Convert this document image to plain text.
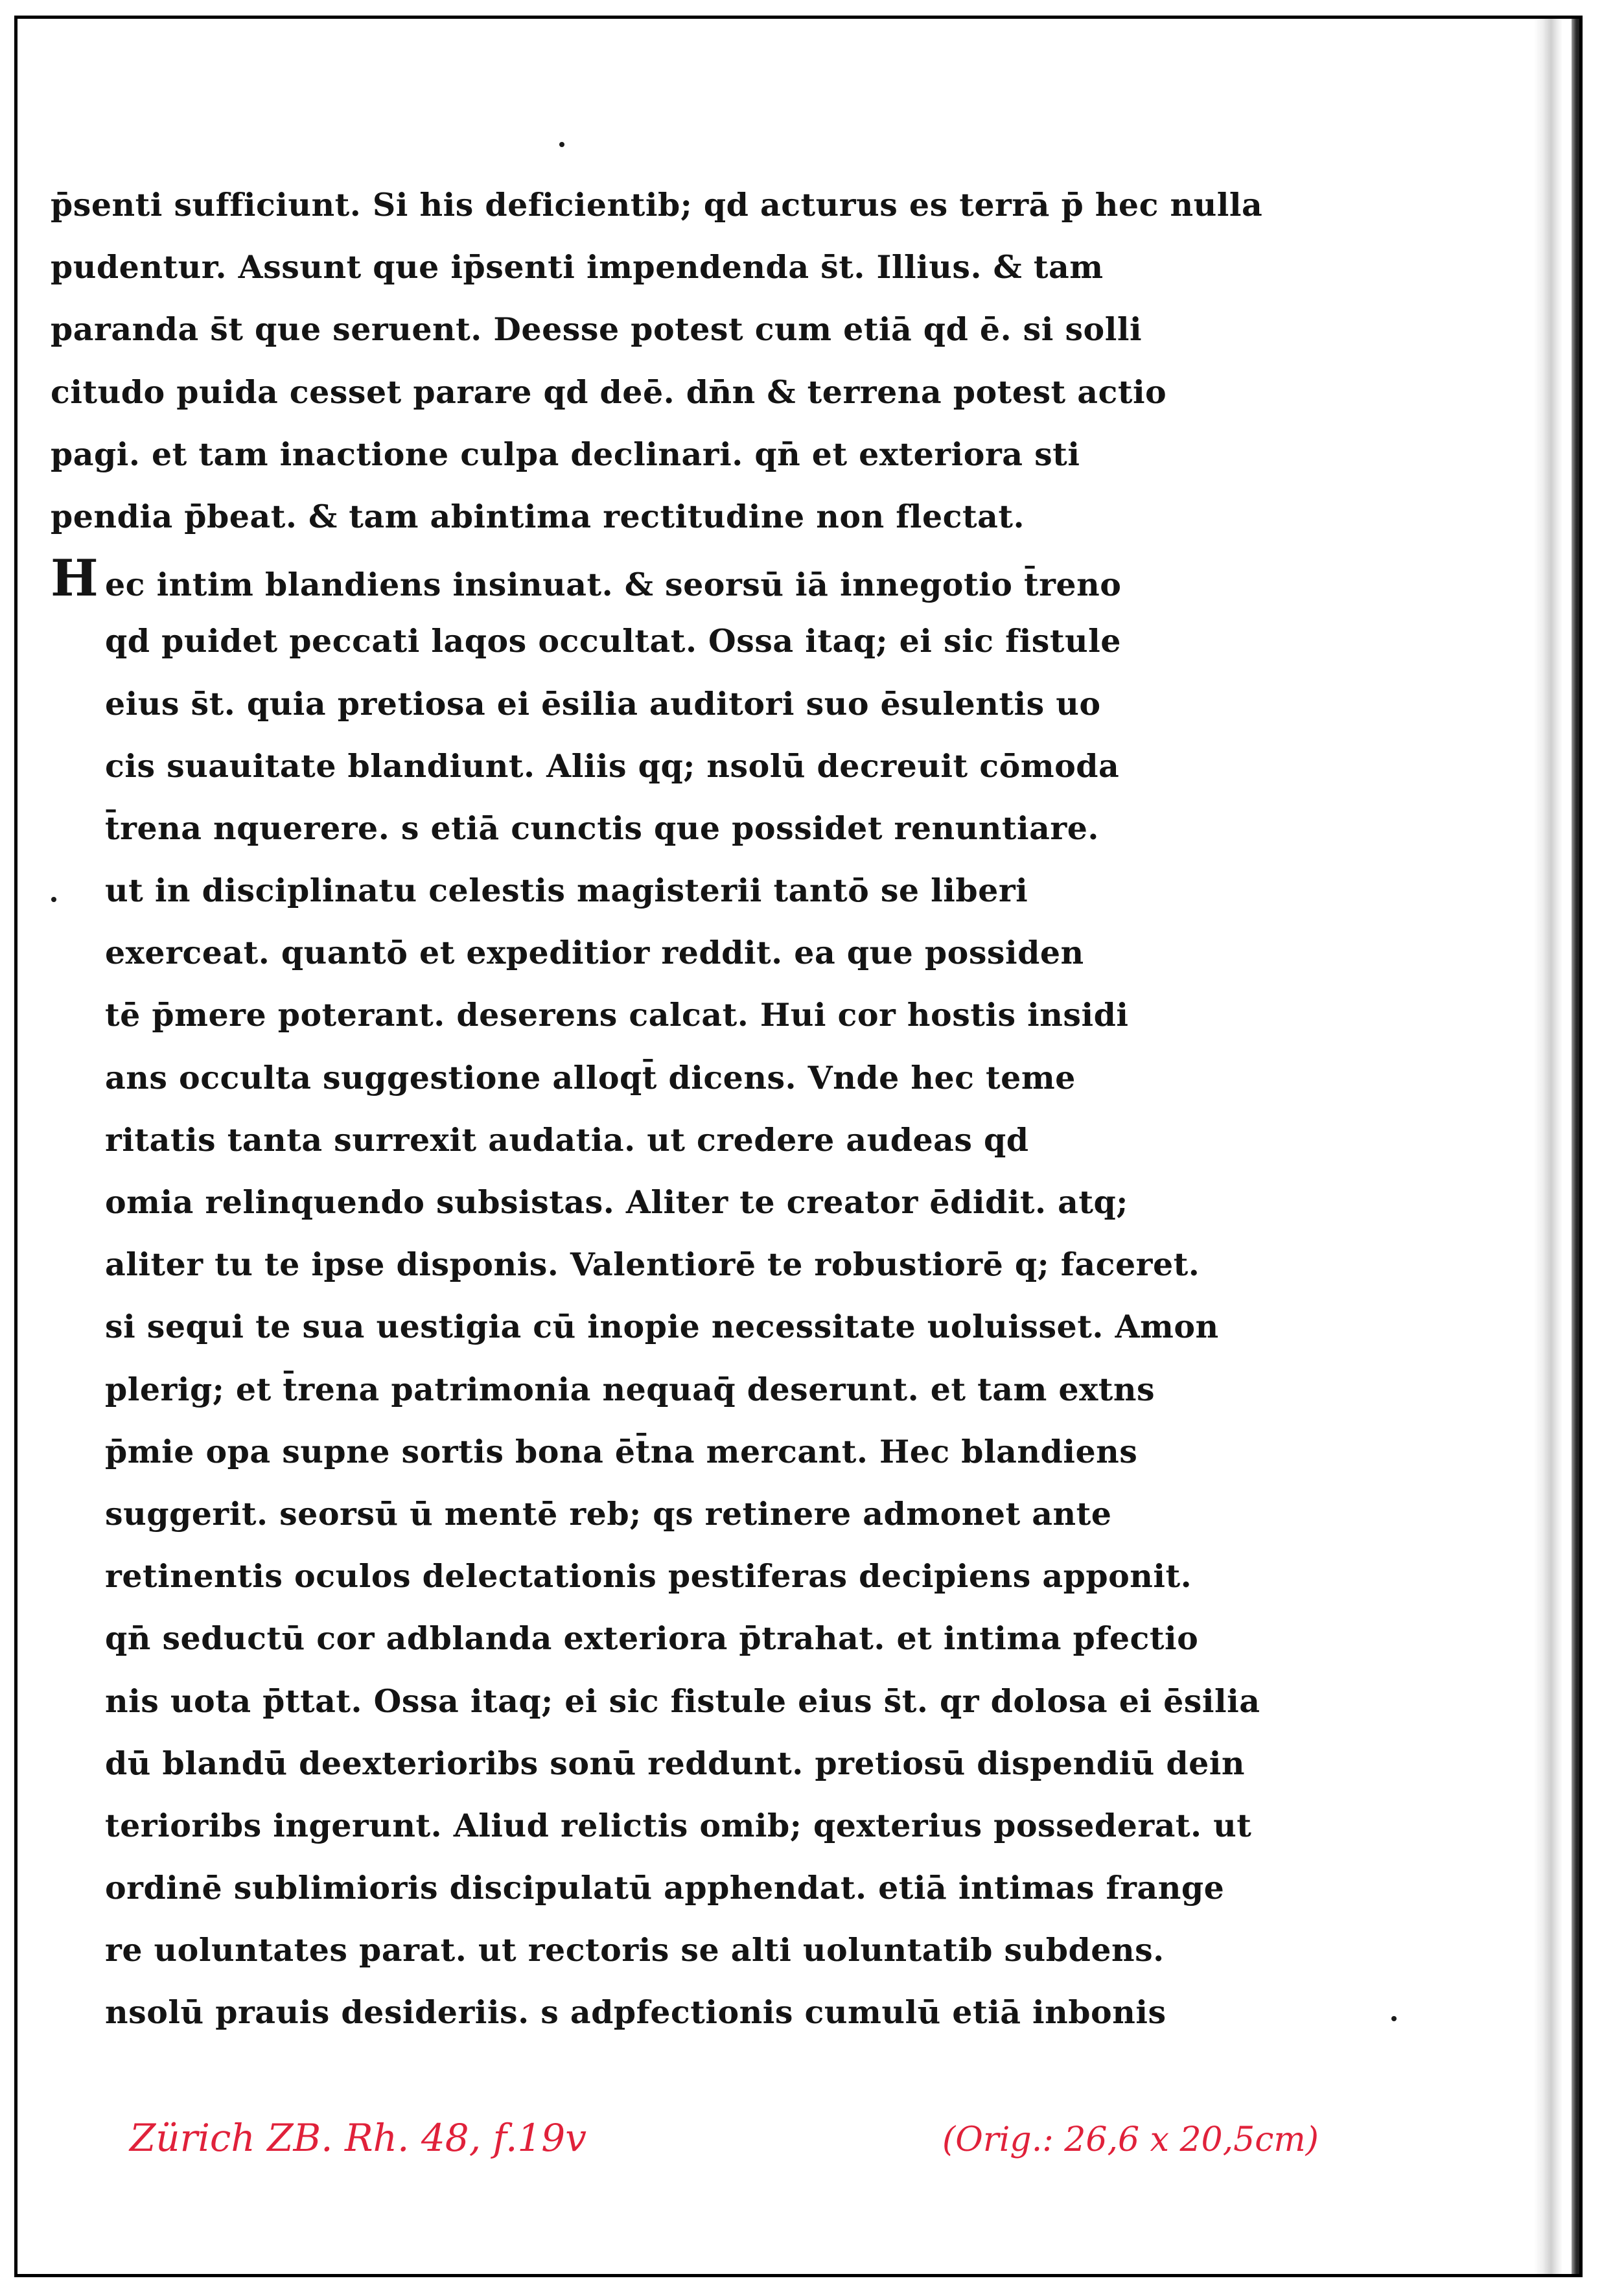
p̄senti sufficiunt. Si his deficientib; qd acturus es terrā p̄ hec nulla
pudentur. Assunt que ip̄senti impendenda s̄t. Illius. & tam
paranda s̄t que seruent. Deesse potest cum etiā qd ē. si solli
citudo puida cesset parare qd deē. dn̄n & terrena potest actio
pagi. et tam inactione culpa declinari. qn̄ et exteriora sti
pendia p̄beat. & tam abintima rectitudine non flectat.
Hec intim blandiens insinuat. & seorsū iā innegotio t̄reno
qd puidet peccati laqos occultat. Ossa itaq; ei sic fistule
eius s̄t. quia pretiosa ei ēsilia auditori suo ēsulentis uo
cis suauitate blandiunt. Aliis qq; nsolū decreuit cōmoda
t̄rena nquerere. s etiā cunctis que possidet renuntiare.
ut in disciplinatu celestis magisterii tantō se liberi
exerceat. quantō et expeditior reddit. ea que possiden
tē p̄mere poterant. deserens calcat. Hui cor hostis insidi
ans occulta suggestione alloqt̄ dicens. Vnde hec teme
ritatis tanta surrexit audatia. ut credere audeas qd
omia relinquendo subsistas. Aliter te creator ēdidit. atq;
aliter tu te ipse disponis. Valentiorē te robustiorē q; faceret.
si sequi te sua uestigia cū inopie necessitate uoluisset. Amon
plerig; et t̄rena patrimonia nequaq̄ deserunt. et tam extns
p̄mie opa supne sortis bona ēt̄na mercant. Hec blandiens
suggerit. seorsū ū mentē reb; qs retinere admonet ante
retinentis oculos delectationis pestiferas decipiens apponit.
qn̄ seductū cor adblanda exteriora p̄trahat. et intima pfectio
nis uota p̄ttat. Ossa itaq; ei sic fistule eius s̄t. qr dolosa ei ēsilia
dū blandū deexterioribs sonū reddunt. pretiosū dispendiū dein
terioribs ingerunt. Aliud relictis omib; qexterius possederat. ut
ordinē sublimioris discipulatū apphendat. etiā intimas frange
re uoluntates parat. ut rectoris se alti uoluntatib subdens.
nsolū prauis desideriis. s adpfectionis cumulū etiā inbonis
Zürich ZB. Rh. 48, f.19v	(Orig.: 26,6 x 20,5cm)
